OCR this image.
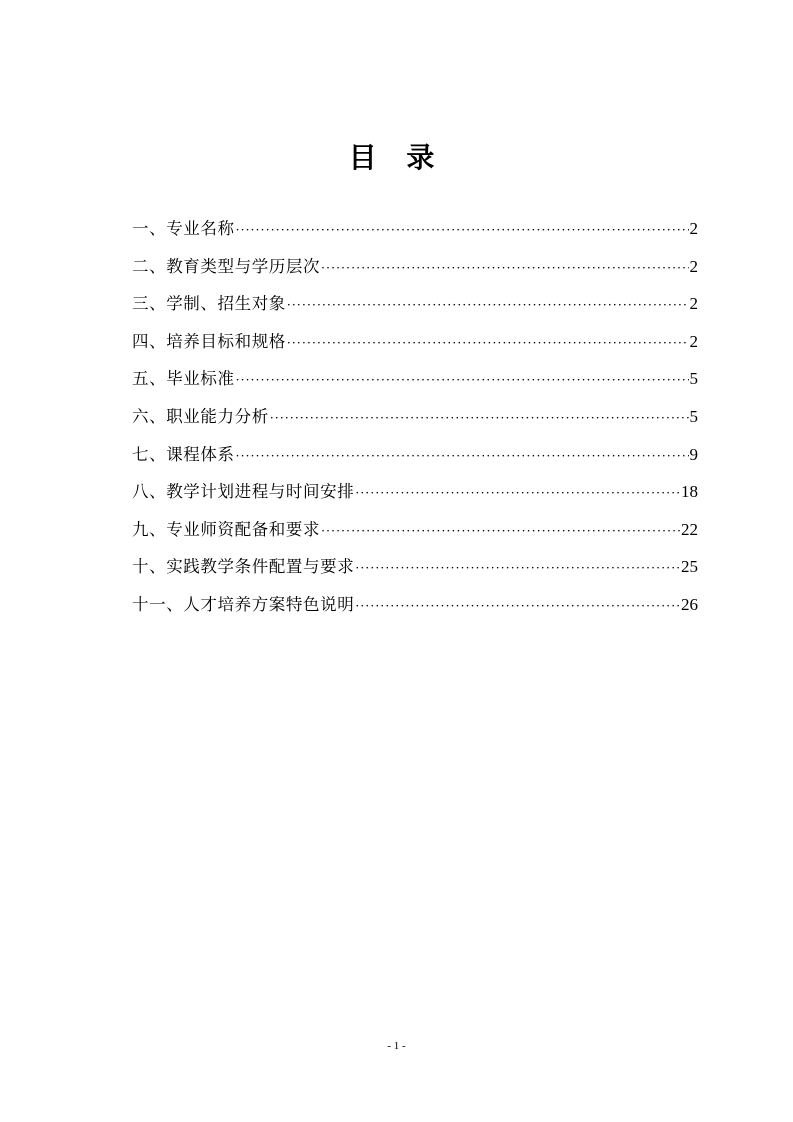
目 录
一、专业名称 ·····	2
二、教育类型与学历层次 ·····	2
三、学制、招生对象 ·····	2
四、培养目标和规格 ·····	2
五、毕业标准 ·····	5
六、职业能力分析 ·····	5
七、课程体系 ·····	9
八、教学计划进程与时间安排 ·····	18
九、专业师资配备和要求 ·····	22
十、实践教学条件配置与要求 ·····	25
十一、人才培养方案特色说明 ·····	26
- 1 -
